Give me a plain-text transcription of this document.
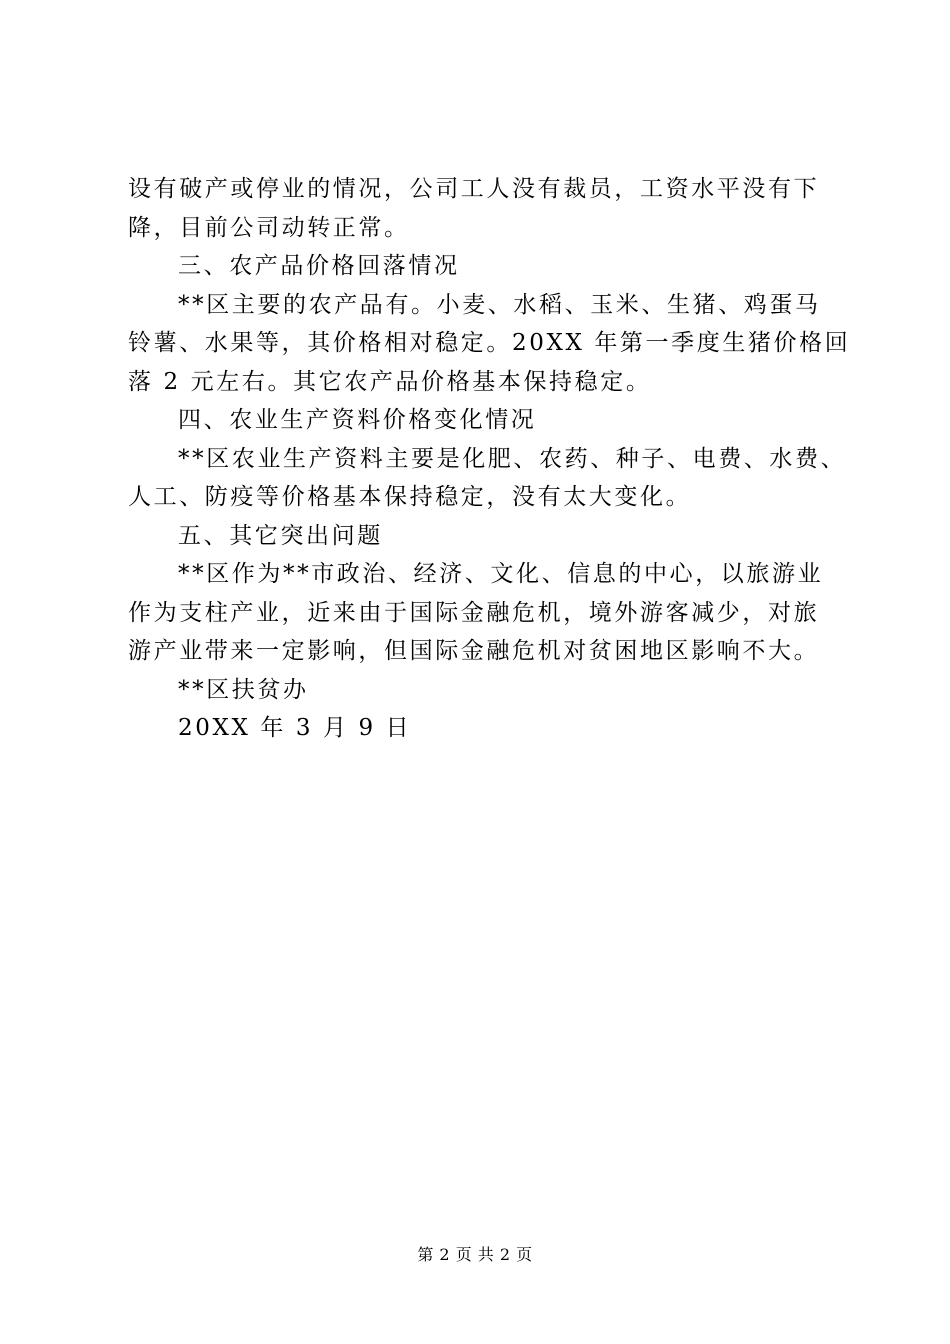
设有破产或停业的情况，公司工人没有裁员，工资水平没有下
降，目前公司动转正常。
三、农产品价格回落情况
**区主要的农产品有。小麦、水稻、玉米、生猪、鸡蛋马
铃薯、水果等，其价格相对稳定。20XX 年第一季度生猪价格回
落 2 元左右。其它农产品价格基本保持稳定。
四、农业生产资料价格变化情况
**区农业生产资料主要是化肥、农药、种子、电费、水费、
人工、防疫等价格基本保持稳定，没有太大变化。
五、其它突出问题
**区作为**市政治、经济、文化、信息的中心，以旅游业
作为支柱产业，近来由于国际金融危机，境外游客减少，对旅
游产业带来一定影响，但国际金融危机对贫困地区影响不大。
**区扶贫办
20XX 年 3 月 9 日
第 2 页 共 2 页
